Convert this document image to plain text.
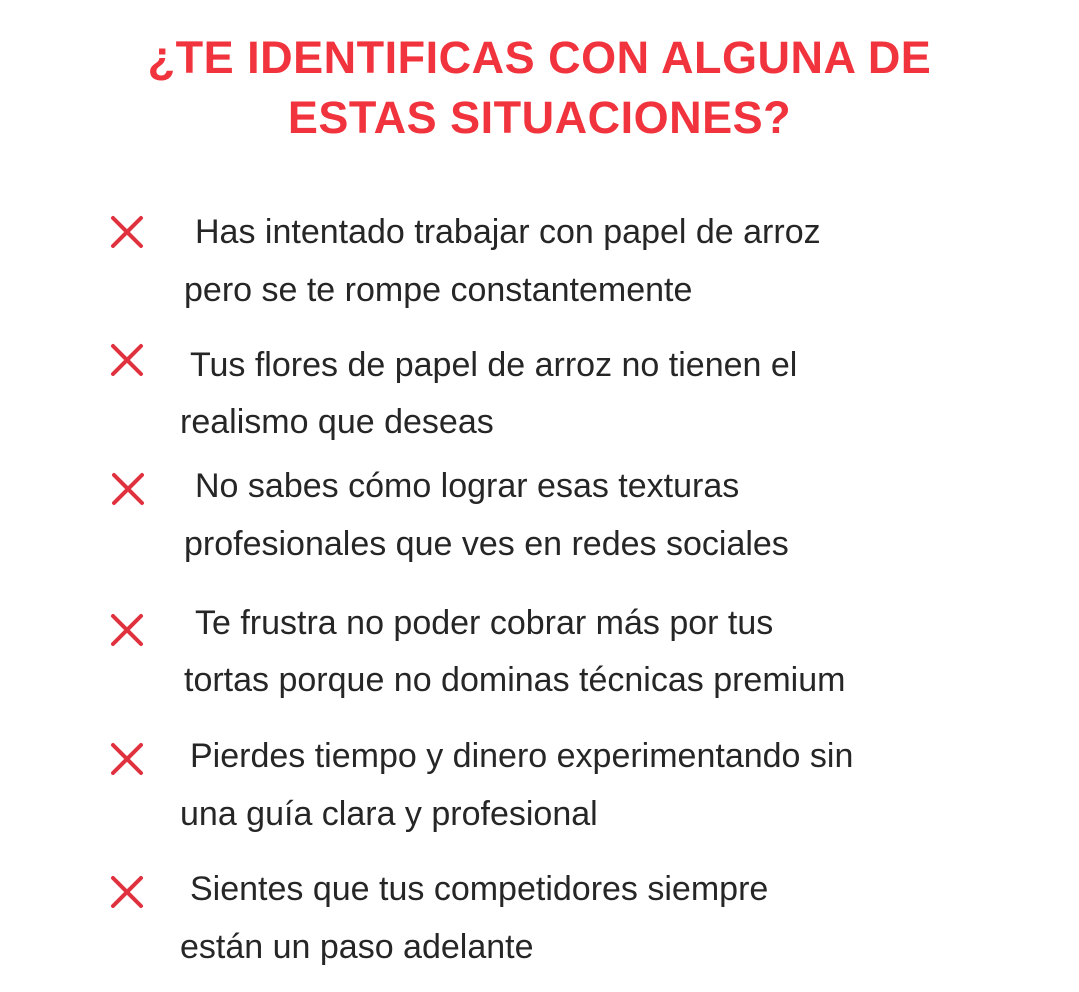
¿TE IDENTIFICAS CON ALGUNA DE
ESTAS SITUACIONES?
Has intentado trabajar con papel de arroz
pero se te rompe constantemente
Tus flores de papel de arroz no tienen el
realismo que deseas
No sabes cómo lograr esas texturas
profesionales que ves en redes sociales
Te frustra no poder cobrar más por tus
tortas porque no dominas técnicas premium
Pierdes tiempo y dinero experimentando sin
una guía clara y profesional
Sientes que tus competidores siempre
están un paso adelante
